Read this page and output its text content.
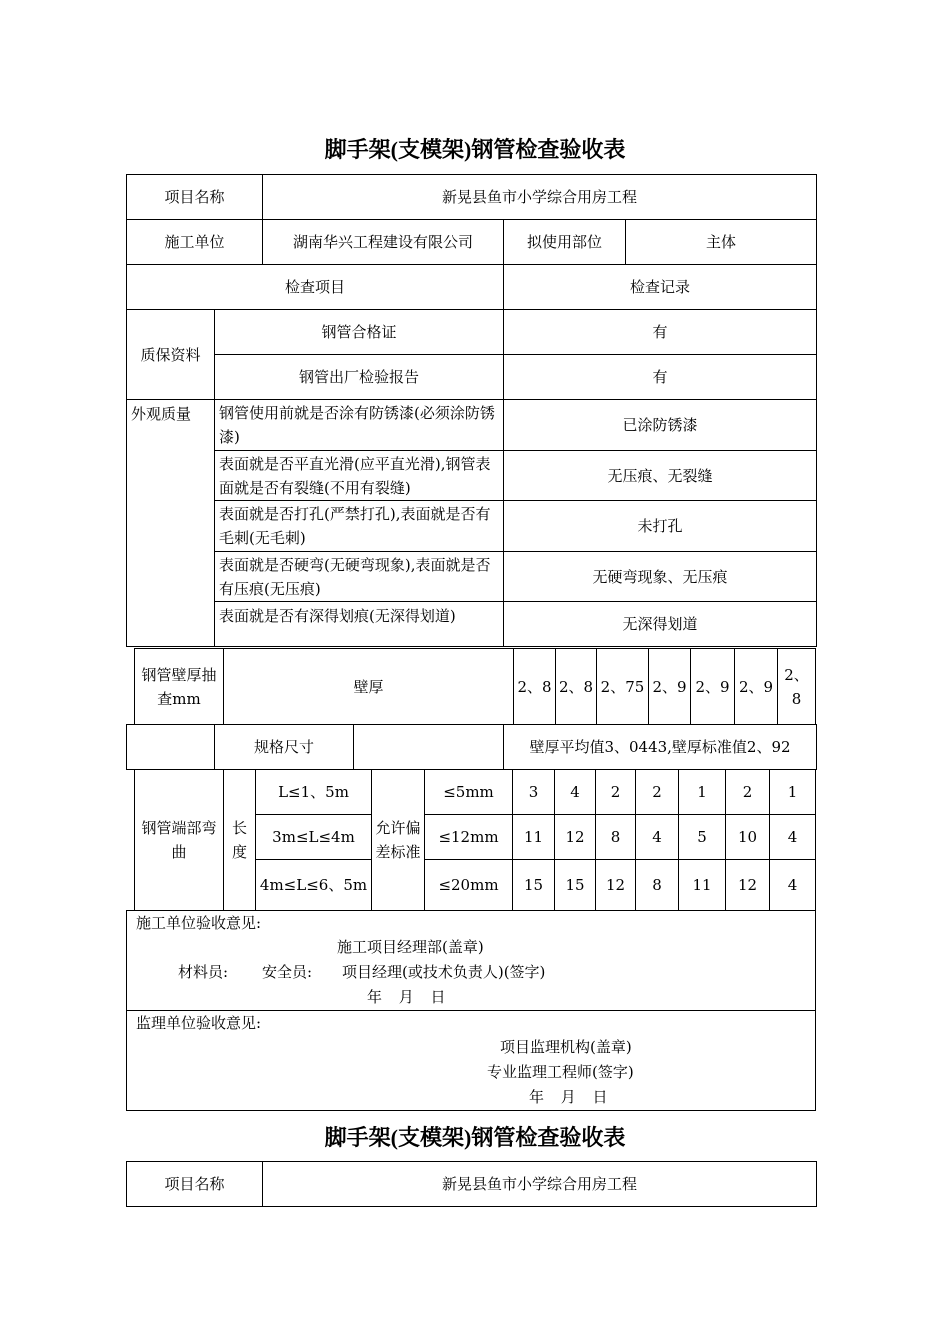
脚手架(支模架)钢管检查验收表
项目名称		新晃县鱼市小学综合用房工程		
施工单位		湖南华兴工程建设有限公司	拟使用部位	主体
检查项目			检查记录	
质保资料	钢管合格证		有	
	钢管出厂检验报告		有	
外观质量	钢管使用前就是否涂有防锈漆(必须涂防锈漆)		已涂防锈漆	
	表面就是否平直光滑(应平直光滑),钢管表面就是否有裂缝(不用有裂缝)		无压痕、无裂缝	
	表面就是否打孔(严禁打孔),表面就是否有毛刺(无毛刺)		未打孔	
	表面就是否硬弯(无硬弯现象),表面就是否有压痕(无压痕)		无硬弯现象、无压痕	
	表面就是否有深得划痕(无深得划道)		无深得划道	
钢管壁厚抽查mm	壁厚	2、8	2、8	2、75	2、9	2、9	2、9	2、8
	规格尺寸		壁厚平均值3、0443,壁厚标准值2、92
钢管端部弯曲	长度	L≤1、5m	允许偏差标准	≤5mm	3	4	2	2	1	2	1
		3m≤L≤4m		≤12mm	11	12	8	4	5	10	4
		4m≤L≤6、5m		≤20mm	15	15	12	8	11	12	4
施工单位验收意见:
施工项目经理部(盖章)
材料员: 安全员: 项目经理(或技术负责人)(签字)
年 月 日
监理单位验收意见:
项目监理机构(盖章)
专业监理工程师(签字)
年 月 日
脚手架(支模架)钢管检查验收表
项目名称	新晃县鱼市小学综合用房工程
